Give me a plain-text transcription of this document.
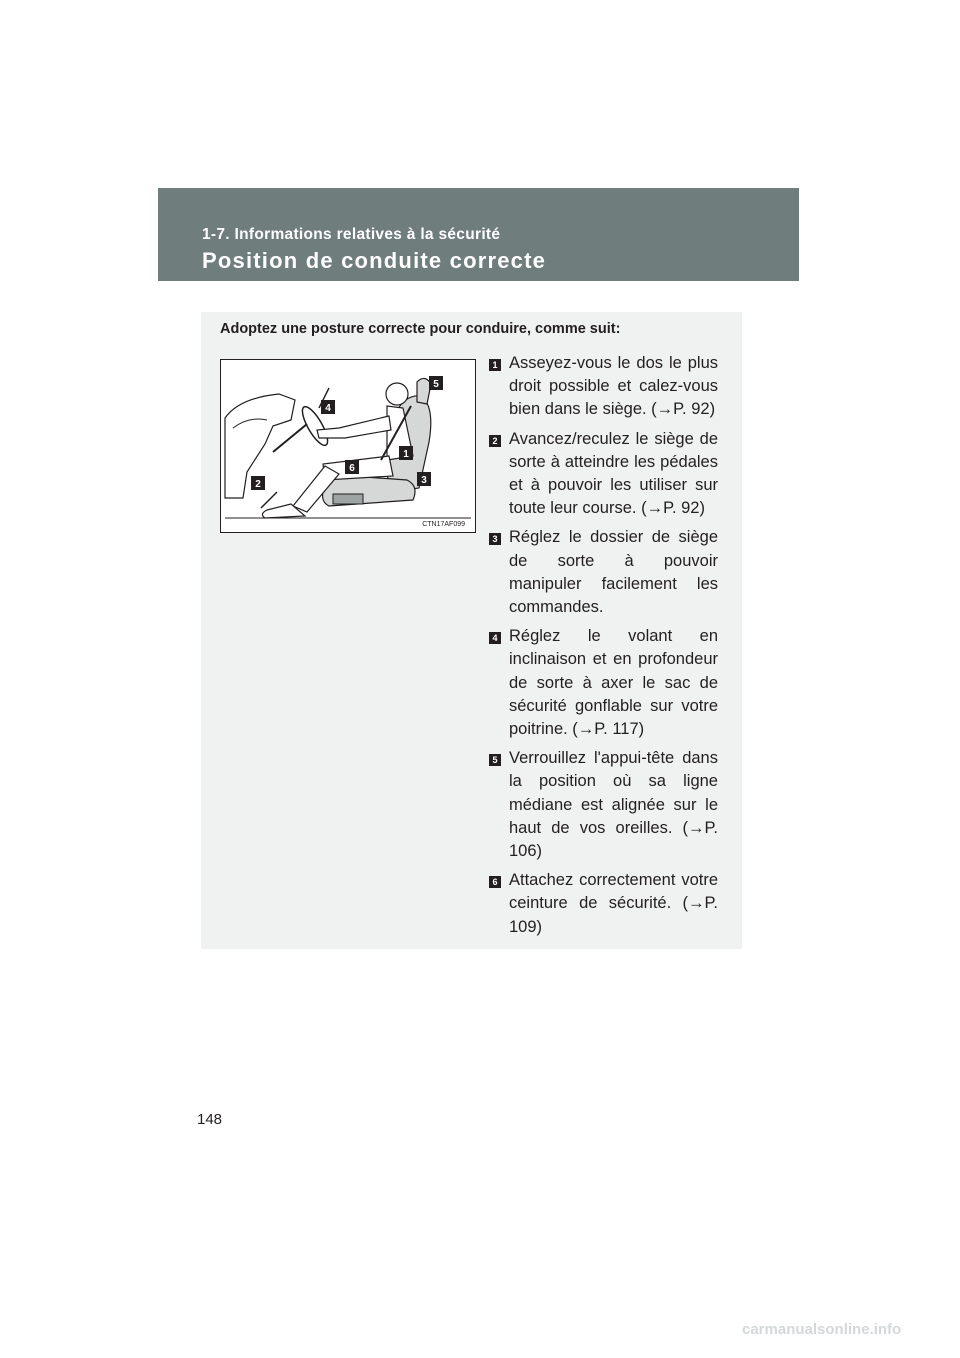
1-7. Informations relatives à la sécurité
Position de conduite correcte
Adoptez une posture correcte pour conduire, comme suit:
1
2	3
4
5
6
CTN17AF099
1 Asseyez-vous le dos le plus droit possible et calez-vous bien dans le siège. (→P. 92)
2 Avancez/reculez le siège de sorte à atteindre les pédales et à pouvoir les utiliser sur toute leur course. (→P. 92)
3 Réglez le dossier de siège de sorte à pouvoir manipuler facilement les commandes.
4 Réglez le volant en inclinaison et en profondeur de sorte à axer le sac de sécurité gonflable sur votre poitrine. (→P. 117)
5 Verrouillez l'appui-tête dans la position où sa ligne médiane est alignée sur le haut de vos oreilles. (→P. 106)
6 Attachez correctement votre ceinture de sécurité. (→P. 109)
148
carmanualsonline.info
